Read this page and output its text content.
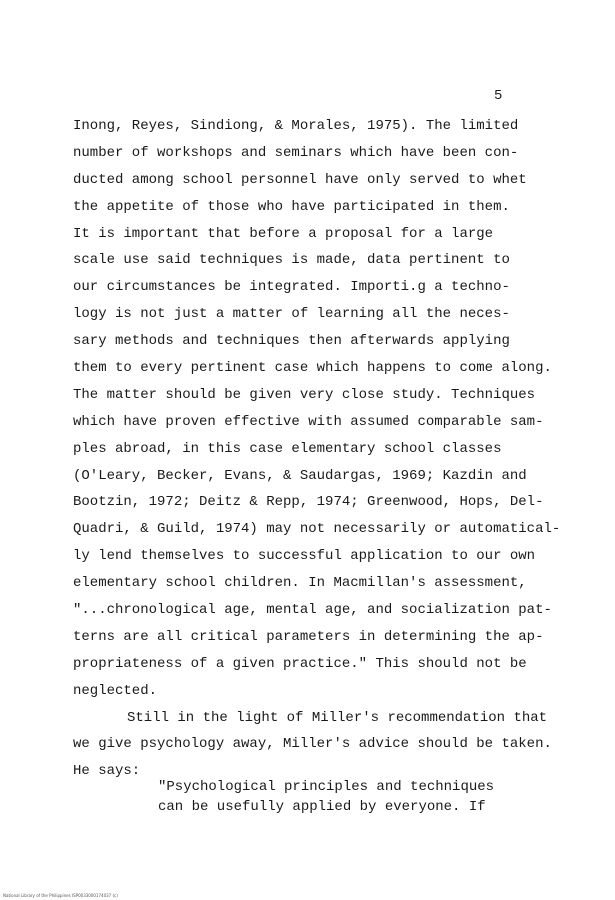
5
Inong, Reyes, Sindiong, & Morales, 1975). The limited
number of workshops and seminars which have been con-
ducted among school personnel have only served to whet
the appetite of those who have participated in them.
It is important that before a proposal for a large
scale use said techniques is made, data pertinent to
our circumstances be integrated. Importi.g a techno-
logy is not just a matter of learning all the neces-
sary methods and techniques then afterwards applying
them to every pertinent case which happens to come along.
The matter should be given very close study. Techniques
which have proven effective with assumed comparable sam-
ples abroad, in this case elementary school classes
(O'Leary, Becker, Evans, & Saudargas, 1969; Kazdin and
Bootzin, 1972; Deitz & Repp, 1974; Greenwood, Hops, Del-
Quadri, & Guild, 1974) may not necessarily or automatical-
ly lend themselves to successful application to our own
elementary school children. In Macmillan's assessment,
"...chronological age, mental age, and socialization pat-
terns are all critical parameters in determining the ap-
propriateness of a given practice." This should not be
neglected.
Still in the light of Miller's recommendation that
we give psychology away, Miller's advice should be taken.
He says:
"Psychological principles and techniques
can be usefully applied by everyone. If
National Library of the Philippines ISP0033000174037 (c)
